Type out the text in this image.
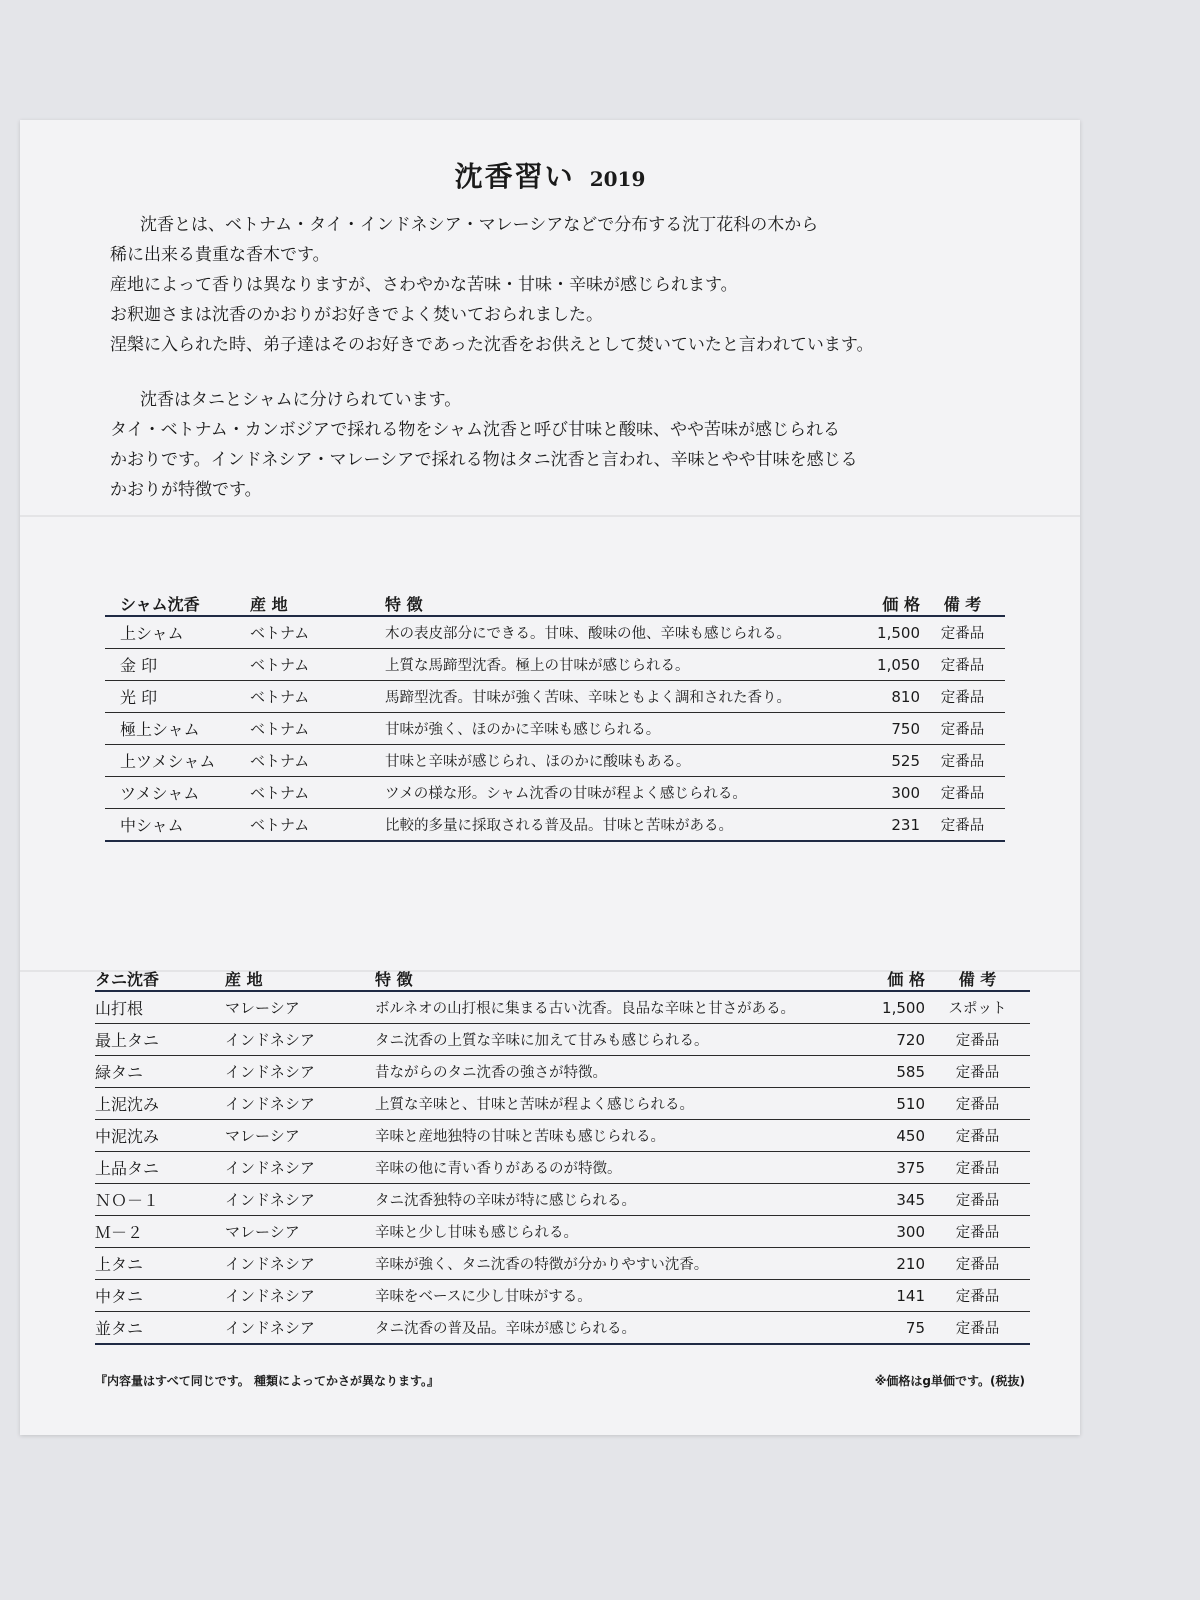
沈香習い 2019

沈香とは、ベトナム・タイ・インドネシア・マレーシアなどで分布する沈丁花科の木から

稀に出来る貴重な香木です。

産地によって香りは異なりますが、さわやかな苦味・甘味・辛味が感じられます。

お釈迦さまは沈香のかおりがお好きでよく焚いておられました。

涅槃に入られた時、弟子達はそのお好きであった沈香をお供えとして焚いていたと言われています。

沈香はタニとシャムに分けられています。

タイ・ベトナム・カンボジアで採れる物をシャム沈香と呼び甘味と酸味、やや苦味が感じられる

かおりです。インドネシア・マレーシアで採れる物はタニ沈香と言われ、辛味とやや甘味を感じる

かおりが特徴です。

シャム沈香	産 地	特 徴	価 格	備 考
上シャム	ベトナム	木の表皮部分にできる。甘味、酸味の他、辛味も感じられる。	1,500	定番品
金 印	ベトナム	上質な馬蹄型沈香。極上の甘味が感じられる。	1,050	定番品
光 印	ベトナム	馬蹄型沈香。甘味が強く苦味、辛味ともよく調和された香り。	810	定番品
極上シャム	ベトナム	甘味が強く、ほのかに辛味も感じられる。	750	定番品
上ツメシャム	ベトナム	甘味と辛味が感じられ、ほのかに酸味もある。	525	定番品
ツメシャム	ベトナム	ツメの様な形。シャム沈香の甘味が程よく感じられる。	300	定番品
中シャム	ベトナム	比較的多量に採取される普及品。甘味と苦味がある。	231	定番品
タニ沈香	産 地	特 徴	価 格	備 考
山打根	マレーシア	ボルネオの山打根に集まる古い沈香。良品な辛味と甘さがある。	1,500	スポット
最上タニ	インドネシア	タニ沈香の上質な辛味に加えて甘みも感じられる。	720	定番品
緑タニ	インドネシア	昔ながらのタニ沈香の強さが特徴。	585	定番品
上泥沈み	インドネシア	上質な辛味と、甘味と苦味が程よく感じられる。	510	定番品
中泥沈み	マレーシア	辛味と産地独特の甘味と苦味も感じられる。	450	定番品
上品タニ	インドネシア	辛味の他に青い香りがあるのが特徴。	375	定番品
ＮＯ－１	インドネシア	タニ沈香独特の辛味が特に感じられる。	345	定番品
Ｍ－２	マレーシア	辛味と少し甘味も感じられる。	300	定番品
上タニ	インドネシア	辛味が強く、タニ沈香の特徴が分かりやすい沈香。	210	定番品
中タニ	インドネシア	辛味をベースに少し甘味がする。	141	定番品
並タニ	インドネシア	タニ沈香の普及品。辛味が感じられる。	75	定番品
『内容量はすべて同じです。 種類によってかさが異なります。』	※価格はg単価です。(税抜)
